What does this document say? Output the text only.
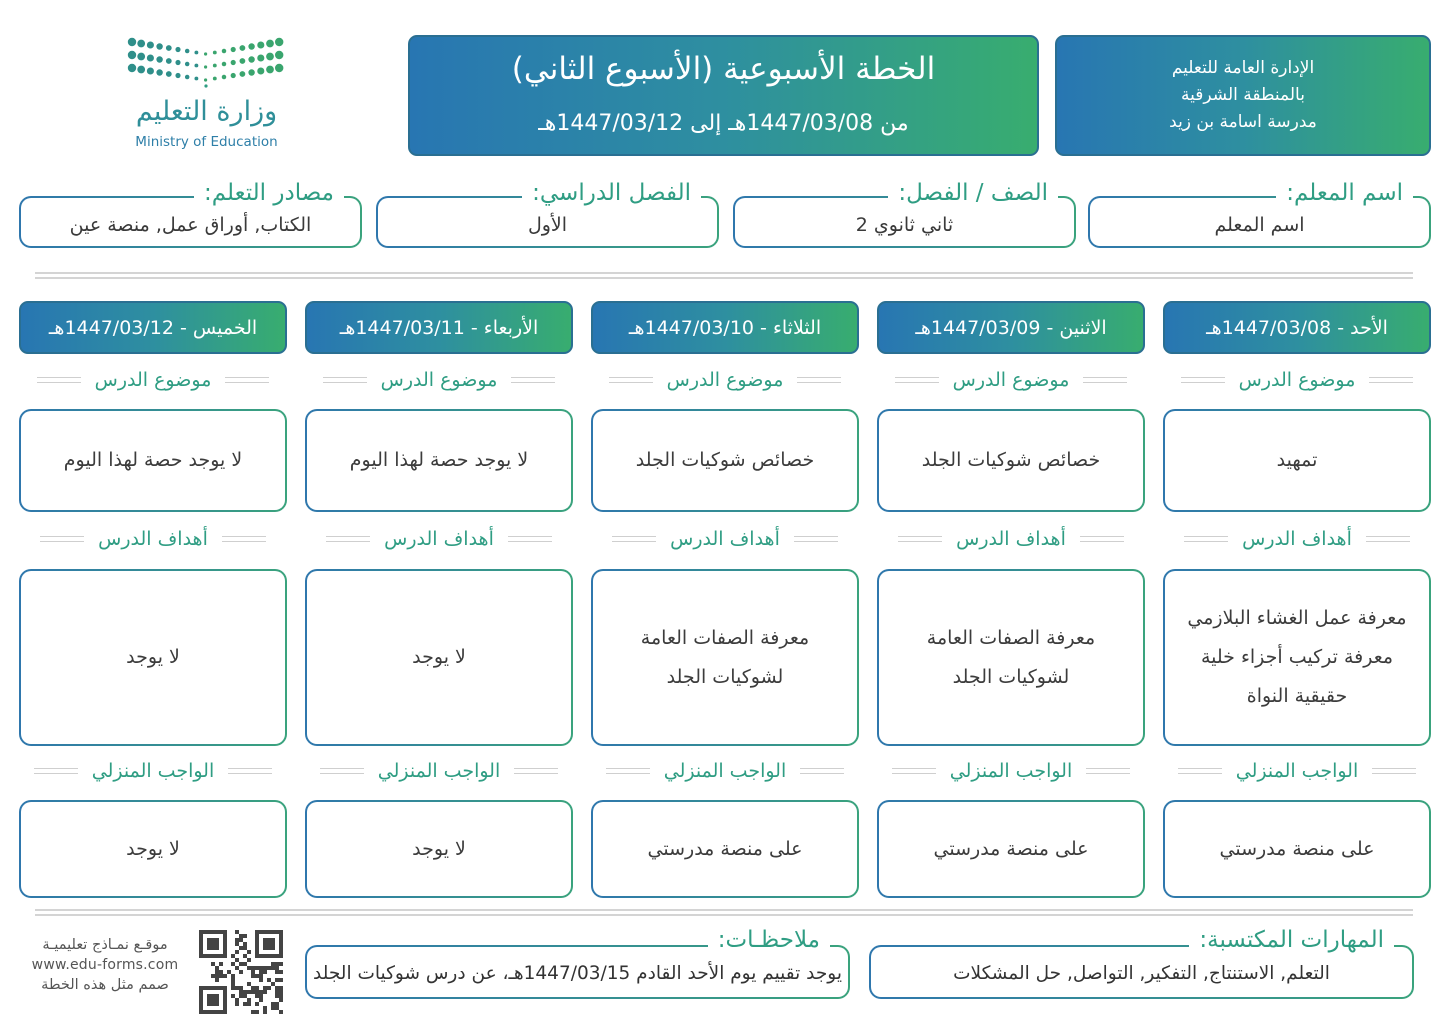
وزارة التعليم
Ministry of Education
الخطة الأسبوعية (الأسبوع الثاني)
من 1447/03/08هـ إلى 1447/03/12هـ
الإدارة العامة للتعليم
بالمنطقة الشرقية
مدرسة اسامة بن زيد
اسم المعلم
اسم المعلم:
ثاني ثانوي 2
الصف / الفصل:
الأول
الفصل الدراسي:
الكتاب, أوراق عمل, منصة عين
مصادر التعلم:
الأحد - 1447/03/08هـ
موضوع الدرس
تمهيد
أهداف الدرس
معرفة عمل الغشاء البلازمي
معرفة تركيب أجزاء خلية
حقيقية النواة
الواجب المنزلي
على منصة مدرستي
الاثنين - 1447/03/09هـ
موضوع الدرس
خصائص شوكيات الجلد
أهداف الدرس
معرفة الصفات العامة
لشوكيات الجلد
الواجب المنزلي
على منصة مدرستي
الثلاثاء - 1447/03/10هـ
موضوع الدرس
خصائص شوكيات الجلد
أهداف الدرس
معرفة الصفات العامة
لشوكيات الجلد
الواجب المنزلي
على منصة مدرستي
الأربعاء - 1447/03/11هـ
موضوع الدرس
لا يوجد حصة لهذا اليوم
أهداف الدرس
لا يوجد
الواجب المنزلي
لا يوجد
الخميس - 1447/03/12هـ
موضوع الدرس
لا يوجد حصة لهذا اليوم
أهداف الدرس
لا يوجد
الواجب المنزلي
لا يوجد
التعلم, الاستنتاج, التفكير, التواصل, حل المشكلات
المهارات المكتسبة:
يوجد تقييم يوم الأحد القادم 1447/03/15هـ، عن درس شوكيات الجلد
ملاحظـات:
موقـع نمـاذج تعليميـة
www.edu-forms.com
صمم مثل هذه الخطة
